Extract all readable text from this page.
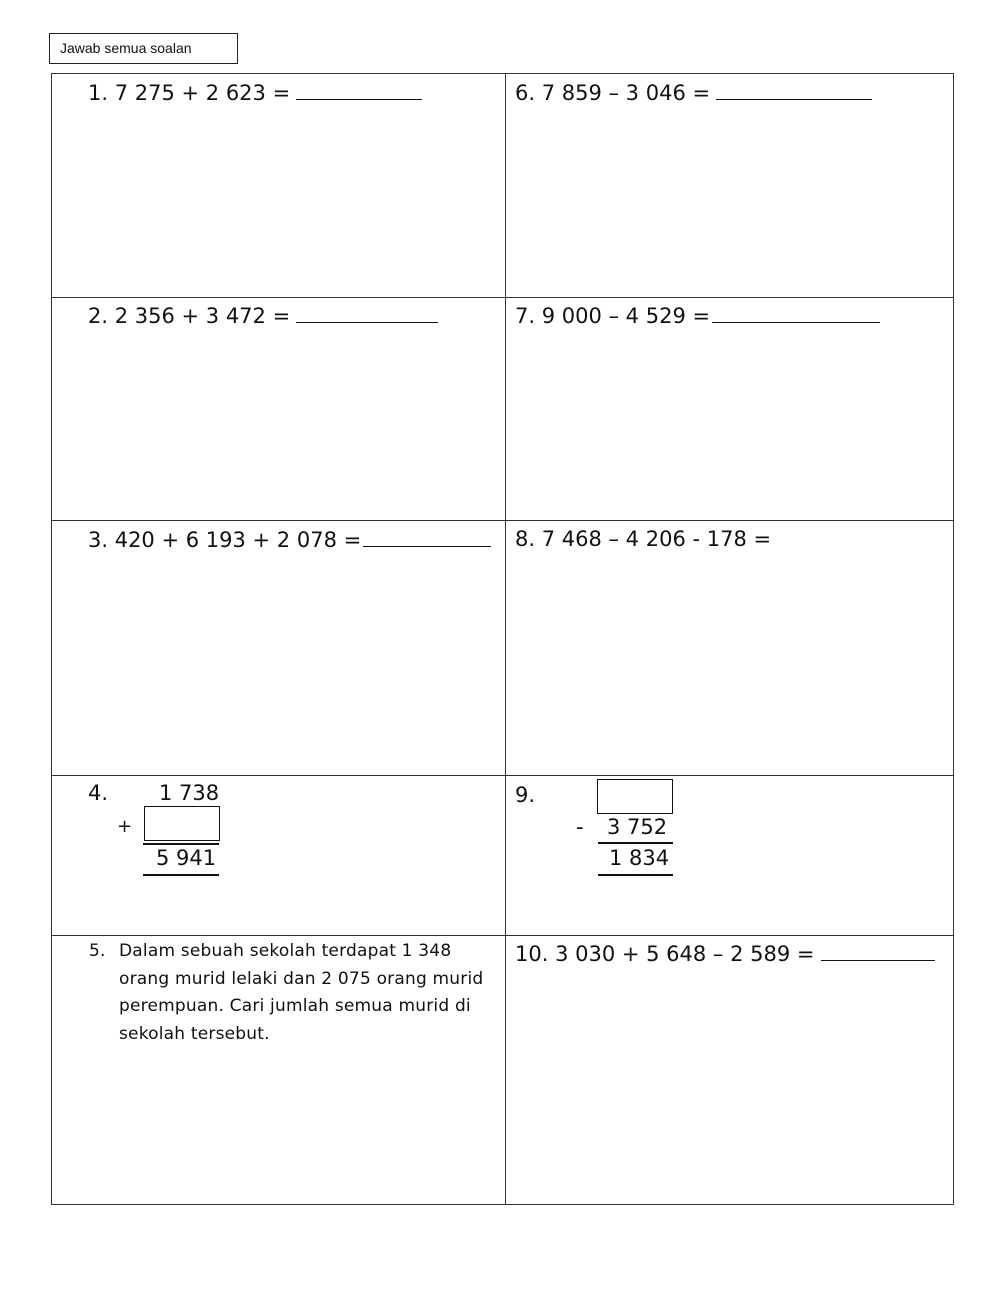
Jawab semua soalan
1. 7 275 + 2 623 =	6. 7 859 – 3 046 =
2. 2 356 + 3 472 =	7. 9 000 – 4 529 =
3. 420 + 6 193 + 2 078 =	8. 7 468 – 4 206 - 178 =
4. 1 738
+
5 941
9.
- 3 752
1 834
5. Dalam sebuah sekolah terdapat 1 348 orang murid lelaki dan 2 075 orang murid perempuan. Cari jumlah semua murid di sekolah tersebut.
10. 3 030 + 5 648 – 2 589 =
